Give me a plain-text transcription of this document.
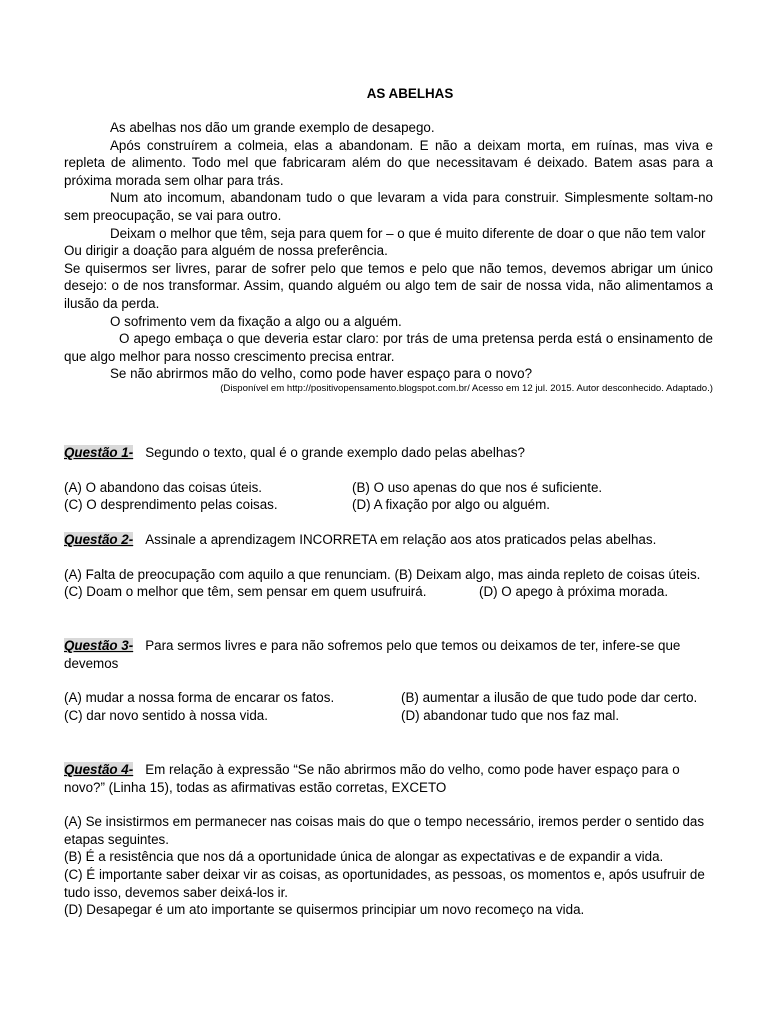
AS ABELHAS

As abelhas nos dão um grande exemplo de desapego.

Após construírem a colmeia, elas a abandonam. E não a deixam morta, em ruínas, mas viva e repleta de alimento. Todo mel que fabricaram além do que necessitavam é deixado. Batem asas para a próxima morada sem olhar para trás.

Num ato incomum, abandonam tudo o que levaram a vida para construir. Simplesmente soltam-no sem preocupação, se vai para outro.

Deixam o melhor que têm, seja para quem for – o que é muito diferente de doar o que não tem valor

Ou dirigir a doação para alguém de nossa preferência.

Se quisermos ser livres, parar de sofrer pelo que temos e pelo que não temos, devemos abrigar um único desejo: o de nos transformar. Assim, quando alguém ou algo tem de sair de nossa vida, não alimentamos a ilusão da perda.

O sofrimento vem da fixação a algo ou a alguém.

O apego embaça o que deveria estar claro: por trás de uma pretensa perda está o ensinamento de que algo melhor para nosso crescimento precisa entrar.

Se não abrirmos mão do velho, como pode haver espaço para o novo?

(Disponível em http://positivopensamento.blogspot.com.br/ Acesso em 12 jul. 2015. Autor desconhecido. Adaptado.)

Questão 1- Segundo o texto, qual é o grande exemplo dado pelas abelhas?

(A) O abandono das coisas úteis.	(B) O uso apenas do que nos é suficiente.
(C) O desprendimento pelas coisas.	(D) A fixação por algo ou alguém.

Questão 2- Assinale a aprendizagem INCORRETA em relação aos atos praticados pelas abelhas.

(A) Falta de preocupação com aquilo a que renunciam. (B) Deixam algo, mas ainda repleto de coisas úteis.

(C) Doam o melhor que têm, sem pensar em quem usufruirá.	(D) O apego à próxima morada.

Questão 3- Para sermos livres e para não sofremos pelo que temos ou deixamos de ter, infere-se que devemos

(A) mudar a nossa forma de encarar os fatos.	(B) aumentar a ilusão de que tudo pode dar certo.
(C) dar novo sentido à nossa vida.	(D) abandonar tudo que nos faz mal.

Questão 4- Em relação à expressão “Se não abrirmos mão do velho, como pode haver espaço para o novo?” (Linha 15), todas as afirmativas estão corretas, EXCETO

(A) Se insistirmos em permanecer nas coisas mais do que o tempo necessário, iremos perder o sentido das etapas seguintes.

(B) É a resistência que nos dá a oportunidade única de alongar as expectativas e de expandir a vida.

(C) É importante saber deixar vir as coisas, as oportunidades, as pessoas, os momentos e, após usufruir de tudo isso, devemos saber deixá-los ir.

(D) Desapegar é um ato importante se quisermos principiar um novo recomeço na vida.
